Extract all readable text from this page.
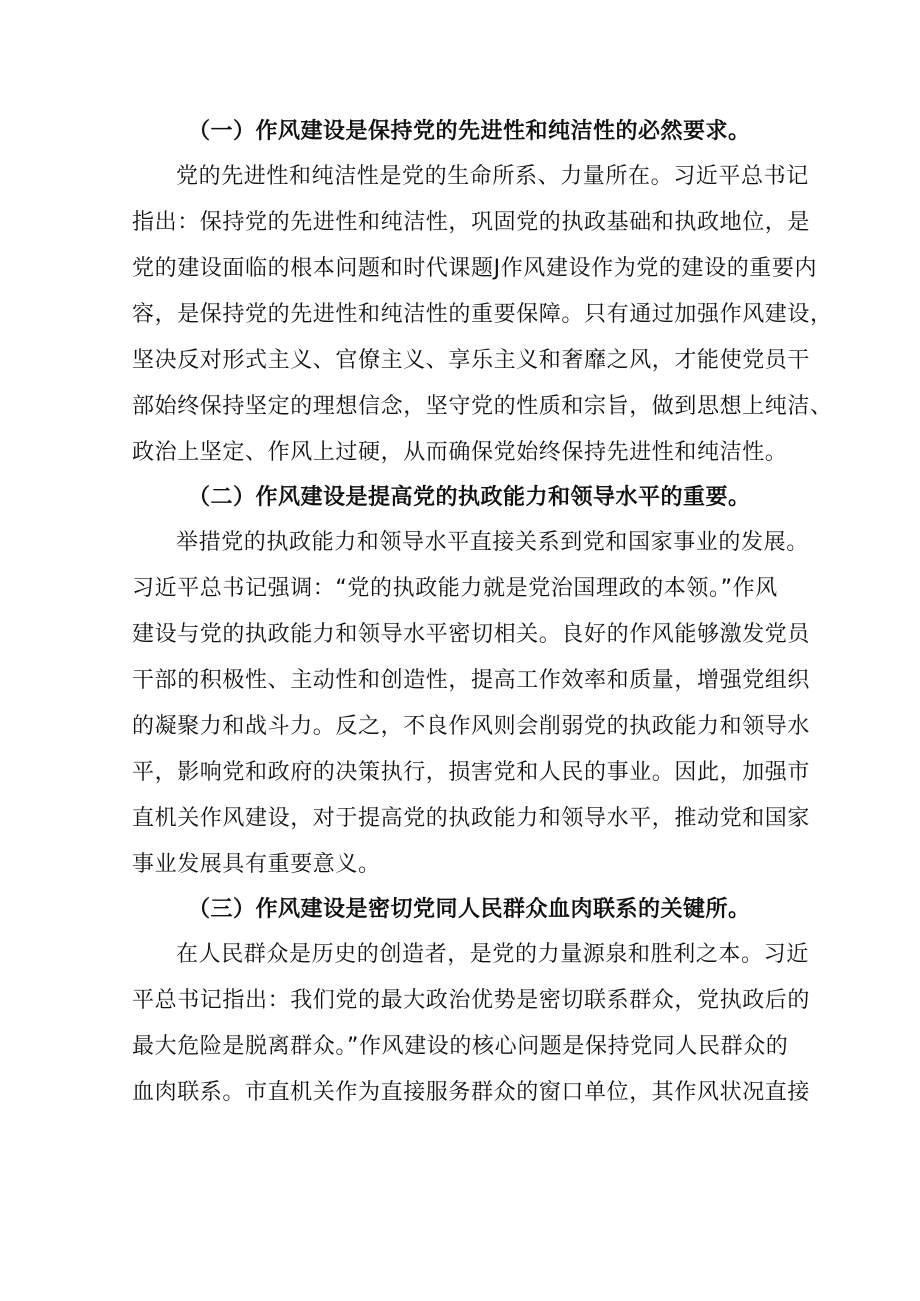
（一）作风建设是保持党的先进性和纯洁性的必然要求。

党的先进性和纯洁性是党的生命所系、力量所在。习近平总书记
指出：保持党的先进性和纯洁性，巩固党的执政基础和执政地位，是
党的建设面临的根本问题和时代课题J作风建设作为党的建设的重要内
容，是保持党的先进性和纯洁性的重要保障。只有通过加强作风建设，
坚决反对形式主义、官僚主义、享乐主义和奢靡之风，才能使党员干
部始终保持坚定的理想信念，坚守党的性质和宗旨，做到思想上纯洁、
政治上坚定、作风上过硬，从而确保党始终保持先进性和纯洁性。

（二）作风建设是提高党的执政能力和领导水平的重要。

举措党的执政能力和领导水平直接关系到党和国家事业的发展。
习近平总书记强调：“党的执政能力就是党治国理政的本领。”作风
建设与党的执政能力和领导水平密切相关。良好的作风能够激发党员
干部的积极性、主动性和创造性，提高工作效率和质量，增强党组织
的凝聚力和战斗力。反之，不良作风则会削弱党的执政能力和领导水
平，影响党和政府的决策执行，损害党和人民的事业。因此，加强市
直机关作风建设，对于提高党的执政能力和领导水平，推动党和国家
事业发展具有重要意义。

（三）作风建设是密切党同人民群众血肉联系的关键所。

在人民群众是历史的创造者，是党的力量源泉和胜利之本。习近
平总书记指出：我们党的最大政治优势是密切联系群众，党执政后的
最大危险是脱离群众。”作风建设的核心问题是保持党同人民群众的
血肉联系。市直机关作为直接服务群众的窗口单位，其作风状况直接
